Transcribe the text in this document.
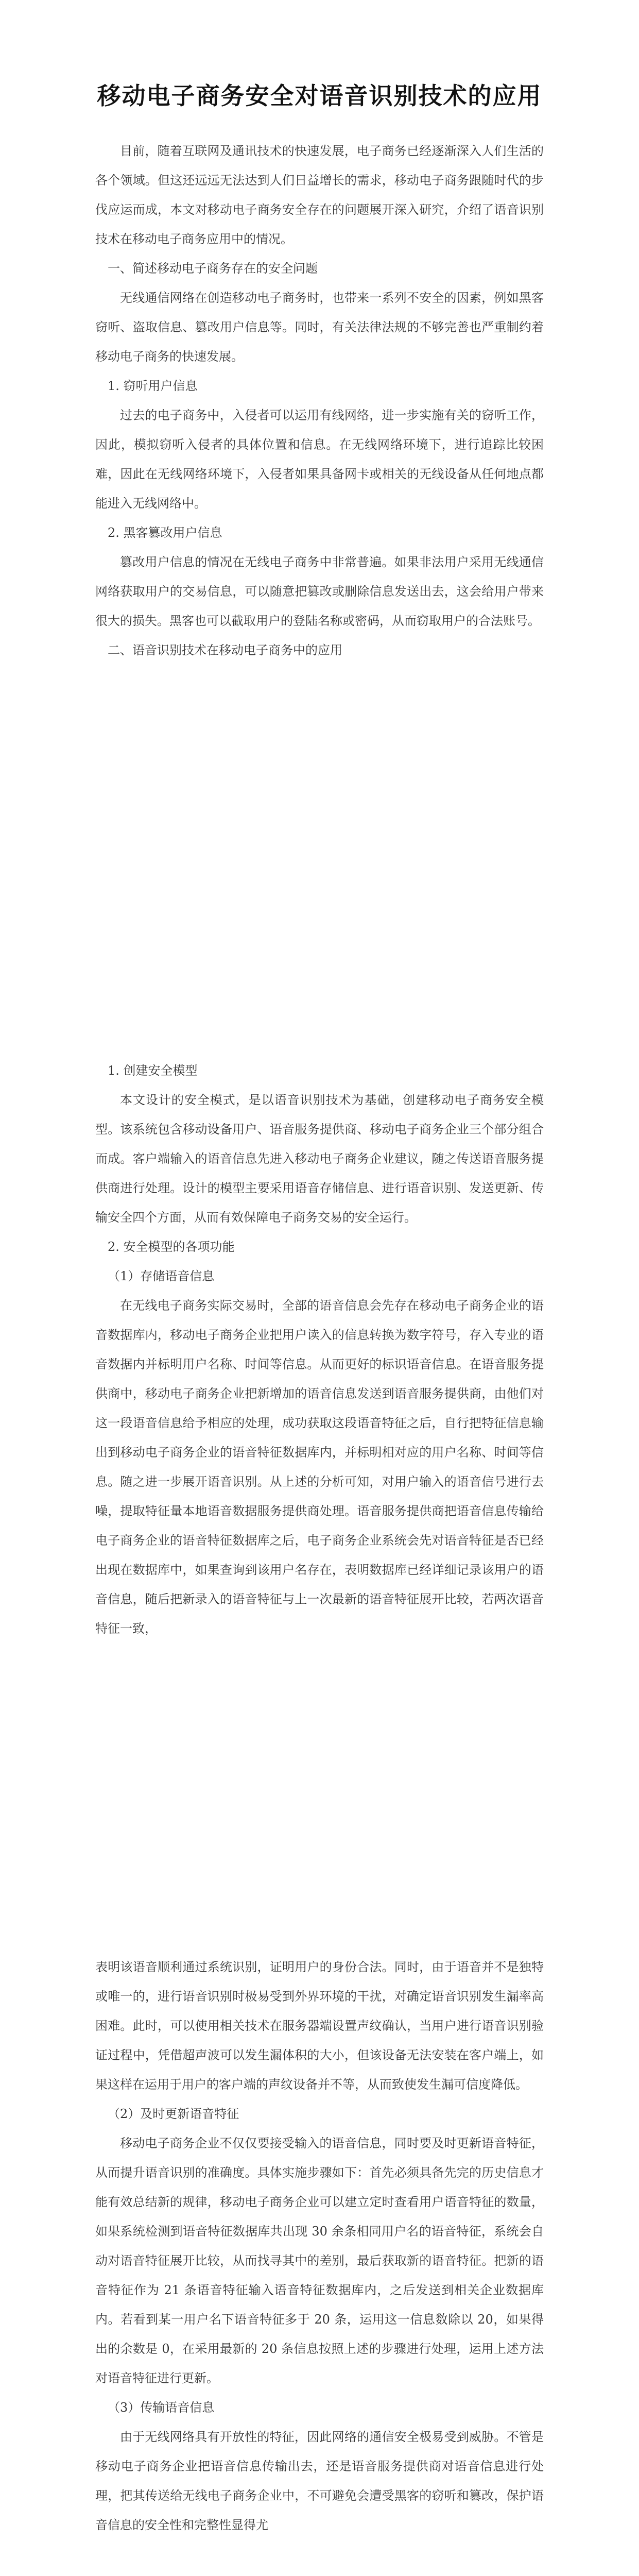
移动电子商务安全对语音识别技术的应用

目前，随着互联网及通讯技术的快速发展，电子商务已经逐渐深入人们生活的各个领域。但这还远远无法达到人们日益增长的需求，移动电子商务跟随时代的步伐应运而成，本文对移动电子商务安全存在的问题展开深入研究，介绍了语音识别技术在移动电子商务应用中的情况。

一、简述移动电子商务存在的安全问题

无线通信网络在创造移动电子商务时，也带来一系列不安全的因素，例如黑客窃听、盗取信息、篡改用户信息等。同时，有关法律法规的不够完善也严重制约着移动电子商务的快速发展。

1. 窃听用户信息

过去的电子商务中，入侵者可以运用有线网络，进一步实施有关的窃听工作，因此，模拟窃听入侵者的具体位置和信息。在无线网络环境下，进行追踪比较困难，因此在无线网络环境下，入侵者如果具备网卡或相关的无线设备从任何地点都能进入无线网络中。

2. 黑客篡改用户信息

篡改用户信息的情况在无线电子商务中非常普遍。如果非法用户采用无线通信网络获取用户的交易信息，可以随意把篡改或删除信息发送出去，这会给用户带来很大的损失。黑客也可以截取用户的登陆名称或密码，从而窃取用户的合法账号。

二、语音识别技术在移动电子商务中的应用

1. 创建安全模型

本文设计的安全模式，是以语音识别技术为基础，创建移动电子商务安全模型。该系统包含移动设备用户、语音服务提供商、移动电子商务企业三个部分组合而成。客户端输入的语音信息先进入移动电子商务企业建议，随之传送语音服务提供商进行处理。设计的模型主要采用语音存储信息、进行语音识别、发送更新、传输安全四个方面，从而有效保障电子商务交易的安全运行。

2. 安全模型的各项功能

（1）存储语音信息

在无线电子商务实际交易时，全部的语音信息会先存在移动电子商务企业的语音数据库内，移动电子商务企业把用户读入的信息转换为数字符号，存入专业的语音数据内并标明用户名称、时间等信息。从而更好的标识语音信息。在语音服务提供商中，移动电子商务企业把新增加的语音信息发送到语音服务提供商，由他们对这一段语音信息给予相应的处理，成功获取这段语音特征之后，自行把特征信息输出到移动电子商务企业的语音特征数据库内，并标明相对应的用户名称、时间等信息。随之进一步展开语音识别。从上述的分析可知，对用户输入的语音信号进行去噪，提取特征量本地语音数据服务提供商处理。语音服务提供商把语音信息传输给电子商务企业的语音特征数据库之后，电子商务企业系统会先对语音特征是否已经出现在数据库中，如果查询到该用户名存在，表明数据库已经详细记录该用户的语音信息，随后把新录入的语音特征与上一次最新的语音特征展开比较，若两次语音特征一致，

表明该语音顺利通过系统识别，证明用户的身份合法。同时，由于语音并不是独特或唯一的，进行语音识别时极易受到外界环境的干扰，对确定语音识别发生漏率高困难。此时，可以使用相关技术在服务器端设置声纹确认，当用户进行语音识别验证过程中，凭借超声波可以发生漏体积的大小，但该设备无法安装在客户端上，如果这样在运用于用户的客户端的声纹设备并不等，从而致使发生漏可信度降低。

（2）及时更新语音特征

移动电子商务企业不仅仅要接受输入的语音信息，同时要及时更新语音特征，从而提升语音识别的准确度。具体实施步骤如下：首先必须具备先完的历史信息才能有效总结新的规律，移动电子商务企业可以建立定时查看用户语音特征的数量，如果系统检测到语音特征数据库共出现 30 余条相同用户名的语音特征，系统会自动对语音特征展开比较，从而找寻其中的差别，最后获取新的语音特征。把新的语音特征作为 21 条语音特征输入语音特征数据库内，之后发送到相关企业数据库内。若看到某一用户名下语音特征多于 20 条，运用这一信息数除以 20，如果得出的余数是 0，在采用最新的 20 条信息按照上述的步骤进行处理，运用上述方法对语音特征进行更新。

（3）传输语音信息

由于无线网络具有开放性的特征，因此网络的通信安全极易受到威胁。不管是移动电子商务企业把语音信息传输出去，还是语音服务提供商对语音信息进行处理，把其传送给无线电子商务企业中，不可避免会遭受黑客的窃听和篡改，保护语音信息的安全性和完整性显得尤
